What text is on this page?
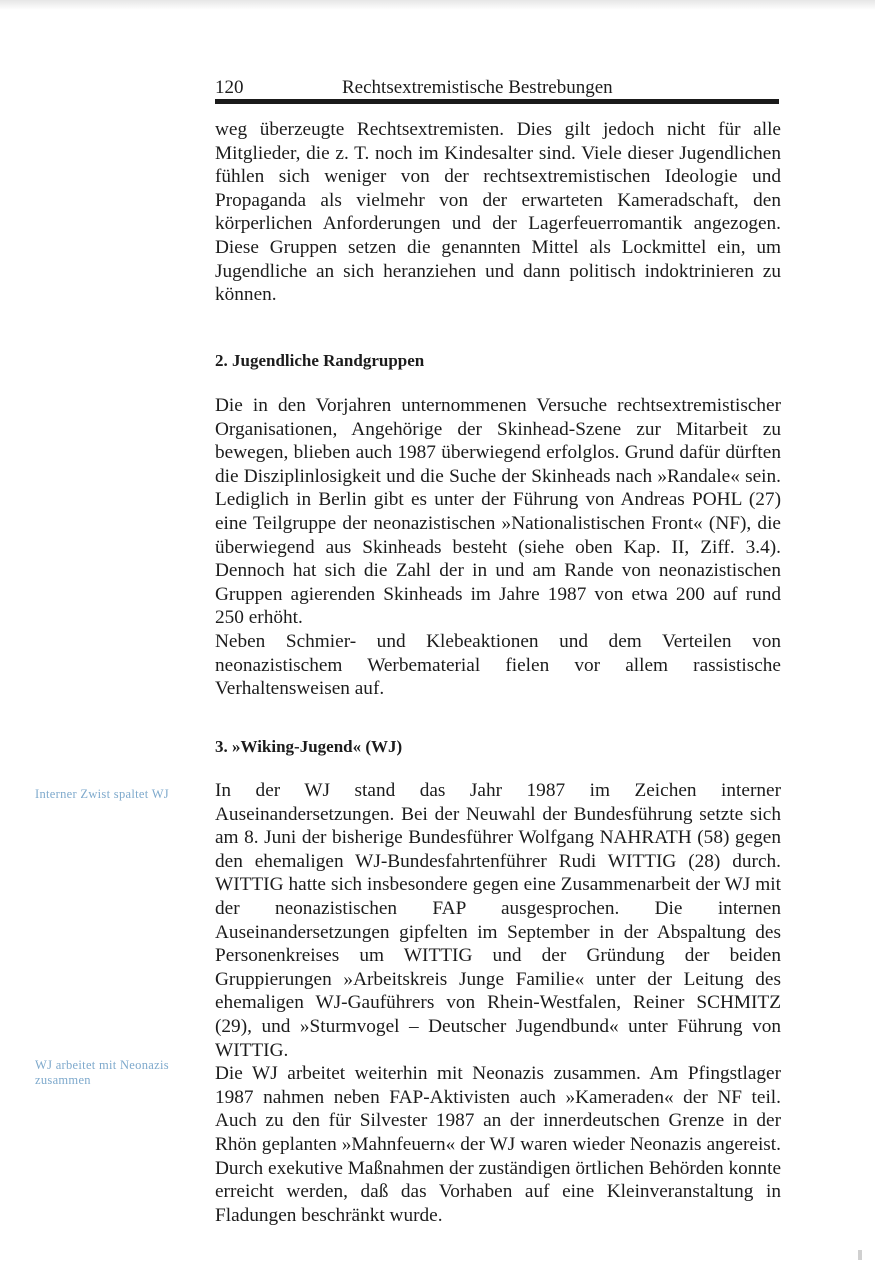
120	Rechtsextremistische Bestrebungen

weg überzeugte Rechtsextremisten. Dies gilt jedoch nicht für alle Mitglieder, die z. T. noch im Kindesalter sind. Viele dieser Jugendlichen fühlen sich weniger von der rechtsextremistischen Ideologie und Propaganda als vielmehr von der erwarteten Kameradschaft, den körperlichen Anforderungen und der Lagerfeuerromantik angezogen. Diese Gruppen setzen die genannten Mittel als Lockmittel ein, um Jugendliche an sich heranziehen und dann politisch indoktrinieren zu können.

2. Jugendliche Randgruppen

Die in den Vorjahren unternommenen Versuche rechtsextremistischer Organisationen, Angehörige der Skinhead-Szene zur Mitarbeit zu bewegen, blieben auch 1987 überwiegend erfolglos. Grund dafür dürften die Disziplinlosigkeit und die Suche der Skinheads nach »Randale« sein. Lediglich in Berlin gibt es unter der Führung von Andreas POHL (27) eine Teilgruppe der neonazistischen »Nationalistischen Front« (NF), die überwiegend aus Skinheads besteht (siehe oben Kap. II, Ziff. 3.4). Dennoch hat sich die Zahl der in und am Rande von neonazistischen Gruppen agierenden Skinheads im Jahre 1987 von etwa 200 auf rund 250 erhöht.

Neben Schmier- und Klebeaktionen und dem Verteilen von neonazistischem Werbematerial fielen vor allem rassistische Verhaltensweisen auf.

3. »Wiking-Jugend« (WJ)
Interner Zwist spaltet WJ	In der WJ stand das Jahr 1987 im Zeichen interner Auseinandersetzungen. Bei der Neuwahl der Bundesführung setzte sich am 8. Juni der bisherige Bundesführer Wolfgang NAHRATH (58) gegen den ehemaligen WJ-Bundesfahrtenführer Rudi WITTIG (28) durch. WITTIG hatte sich insbesondere gegen eine Zusammenarbeit der WJ mit der neonazistischen FAP ausgesprochen. Die internen Auseinandersetzungen gipfelten im September in der Abspaltung des Personenkreises um WITTIG und der Gründung der beiden Gruppierungen »Arbeitskreis Junge Familie« unter der Leitung des ehemaligen WJ-Gauführers von Rhein-Westfalen, Reiner SCHMITZ (29), und »Sturmvogel – Deutscher Jugendbund« unter Führung von WITTIG.

Die WJ arbeitet weiterhin mit Neonazis zusammen. Am Pfingstlager 1987 nahmen neben FAP-Aktivisten auch »Kameraden« der NF teil. Auch zu den für Silvester 1987 an der innerdeutschen Grenze in der Rhön geplanten »Mahnfeuern« der WJ waren wieder Neonazis angereist. Durch exekutive Maßnahmen der zuständigen örtlichen Behörden konnte erreicht werden, daß das Vorhaben auf eine Kleinveranstaltung in Fladungen beschränkt wurde.

WJ arbeitet mit Neonazis zusammen
